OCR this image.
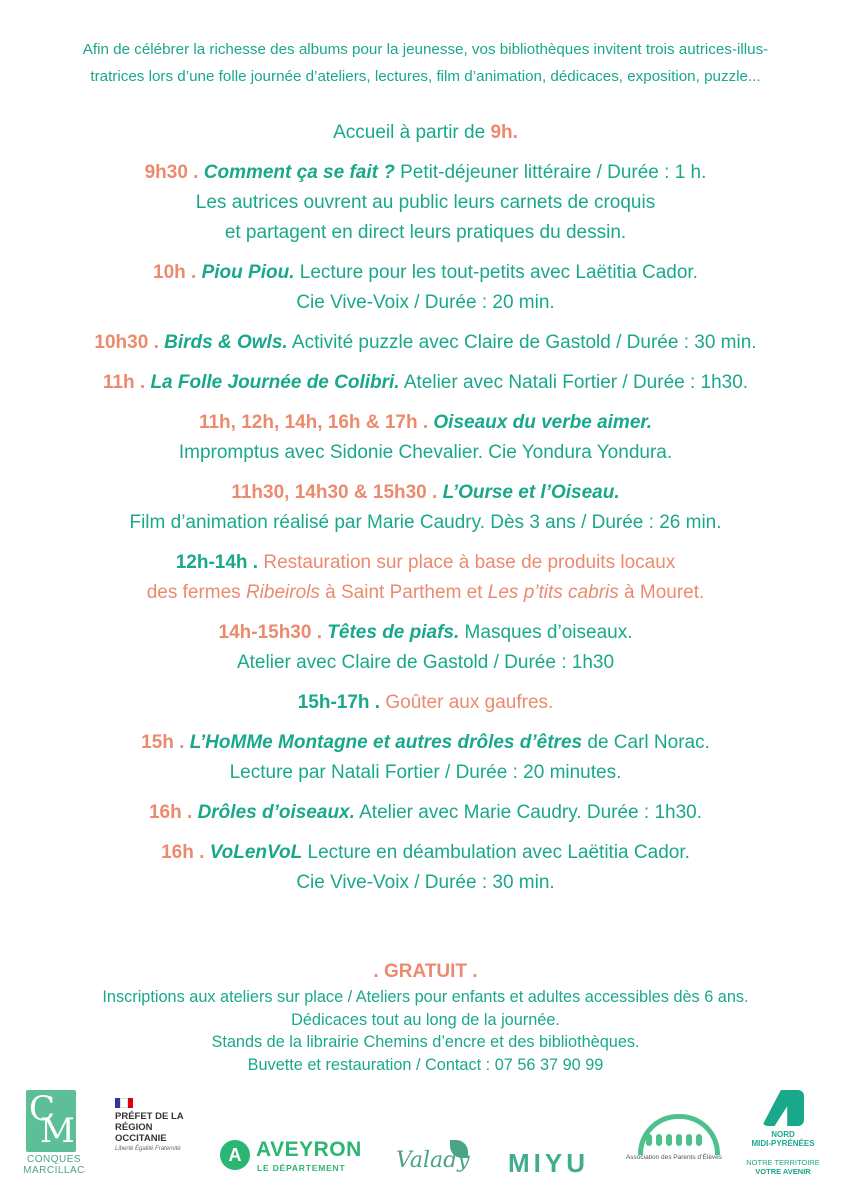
Afin de célébrer la richesse des albums pour la jeunesse, vos bibliothèques invitent trois autrices-illus-
tratrices lors d’une folle journée d’ateliers, lectures, film d’animation, dédicaces, exposition, puzzle...
Accueil à partir de 9h.
9h30 . Comment ça se fait ? Petit-déjeuner littéraire / Durée : 1 h.
Les autrices ouvrent au public leurs carnets de croquis
et partagent en direct leurs pratiques du dessin.
10h . Piou Piou. Lecture pour les tout-petits avec Laëtitia Cador.
Cie Vive-Voix / Durée : 20 min.
10h30 . Birds & Owls. Activité puzzle avec Claire de Gastold / Durée : 30 min.
11h . La Folle Journée de Colibri. Atelier avec Natali Fortier / Durée : 1h30.
11h, 12h, 14h, 16h & 17h . Oiseaux du verbe aimer.
Impromptus avec Sidonie Chevalier. Cie Yondura Yondura.
11h30, 14h30 & 15h30 . L’Ourse et l’Oiseau.
Film d’animation réalisé par Marie Caudry. Dès 3 ans / Durée : 26 min.
12h-14h . Restauration sur place à base de produits locaux
des fermes Ribeirols à Saint Parthem et Les p’tits cabris à Mouret.
14h-15h30 . Têtes de piafs. Masques d’oiseaux.
Atelier avec Claire de Gastold / Durée : 1h30
15h-17h . Goûter aux gaufres.
15h . L’HoMMe Montagne et autres drôles d’êtres de Carl Norac.
Lecture par Natali Fortier / Durée : 20 minutes.
16h . Drôles d’oiseaux. Atelier avec Marie Caudry. Durée : 1h30.
16h . VoLenVoL Lecture en déambulation avec Laëtitia Cador.
Cie Vive-Voix / Durée : 30 min.
. GRATUIT .
Inscriptions aux ateliers sur place / Ateliers pour enfants et adultes accessibles dès 6 ans.
Dédicaces tout au long de la journée.
Stands de la librairie Chemins d’encre et des bibliothèques.
Buvette et restauration / Contact : 07 56 37 90 99
C
M
CONQUES MARCILLAC
PRÉFET DE LA RÉGION OCCITANIE
Liberté Égalité Fraternité	A AVEYRON
LE DÉPARTEMENT Valady MIYU	Association des Parents d’Élèves
NORD
MIDI-PYRÉNÉES
NOTRE TERRITOIRE
VOTRE AVENIR
